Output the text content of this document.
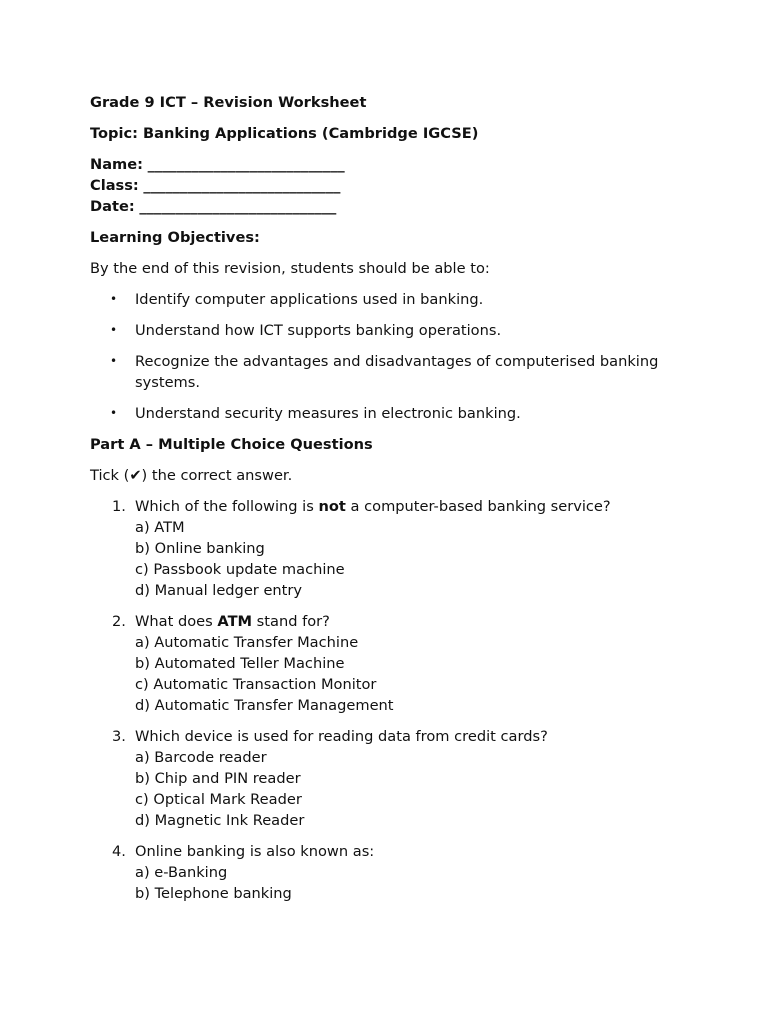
Grade 9 ICT – Revision Worksheet
Topic: Banking Applications (Cambridge IGCSE)
Name: ___________________________
Class: ___________________________
Date: ___________________________
Learning Objectives:
By the end of this revision, students should be able to:
• Identify computer applications used in banking.
• Understand how ICT supports banking operations.
• Recognize the advantages and disadvantages of computerised banking systems.
• Understand security measures in electronic banking.
Part A – Multiple Choice Questions
Tick (✔) the correct answer.
1. Which of the following is not a computer-based banking service?
a) ATM
b) Online banking
c) Passbook update machine
d) Manual ledger entry
2. What does ATM stand for?
a) Automatic Transfer Machine
b) Automated Teller Machine
c) Automatic Transaction Monitor
d) Automatic Transfer Management
3. Which device is used for reading data from credit cards?
a) Barcode reader
b) Chip and PIN reader
c) Optical Mark Reader
d) Magnetic Ink Reader
4. Online banking is also known as:
a) e-Banking
b) Telephone banking
